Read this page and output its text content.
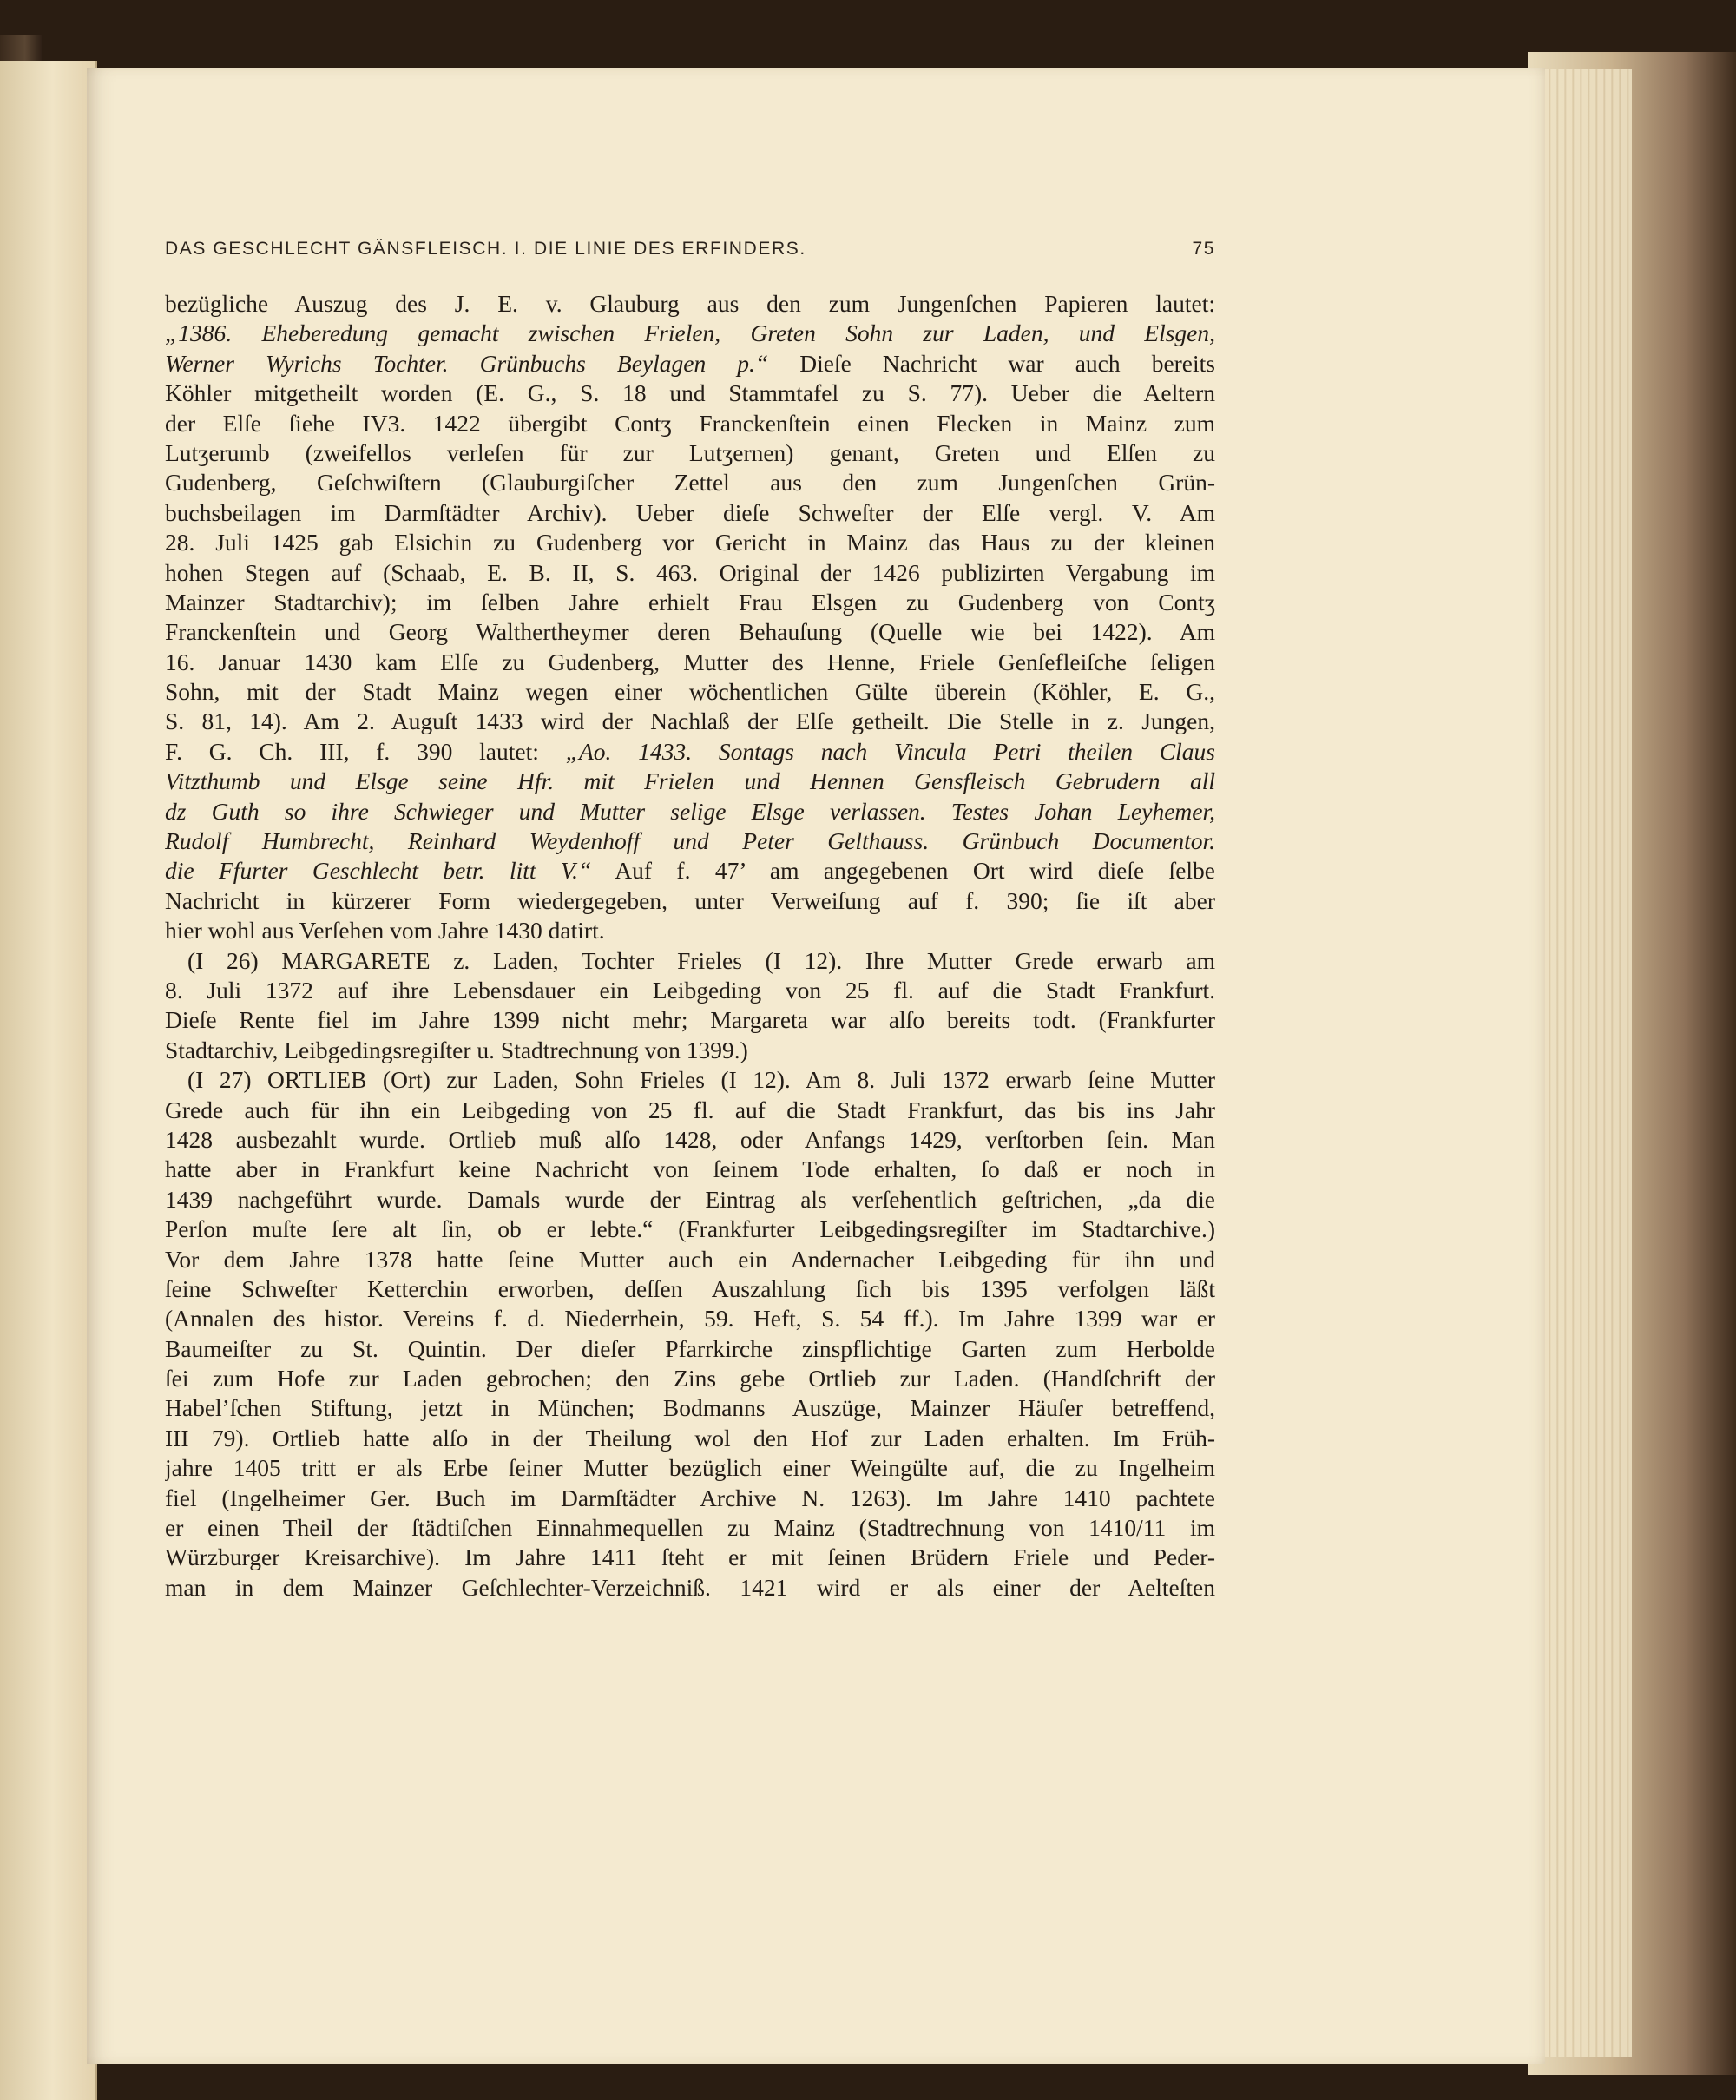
DAS GESCHLECHT GÄNSFLEISCH. I. DIE LINIE DES ERFINDERS.	75
bezügliche Auszug des J. E. v. Glauburg aus den zum Jungenſchen Papieren lautet:
„1386. Eheberedung gemacht zwischen Frielen, Greten Sohn zur Laden, und Elsgen,
Werner Wyrichs Tochter. Grünbuchs Beylagen p.“ Dieſe Nachricht war auch bereits
Köhler mitgetheilt worden (E. G., S. 18 und Stammtafel zu S. 77). Ueber die Aeltern
der Elſe ſiehe IV3. 1422 übergibt Contʒ Franckenſtein einen Flecken in Mainz zum
Lutʒerumb (zweifellos verleſen für zur Lutʒernen) genant, Greten und Elſen zu
Gudenberg, Geſchwiſtern (Glauburgiſcher Zettel aus den zum Jungenſchen Grün-
buchsbeilagen im Darmſtädter Archiv). Ueber dieſe Schweſter der Elſe vergl. V. Am
28. Juli 1425 gab Elsichin zu Gudenberg vor Gericht in Mainz das Haus zu der kleinen
hohen Stegen auf (Schaab, E. B. II, S. 463. Original der 1426 publizirten Vergabung im
Mainzer Stadtarchiv); im ſelben Jahre erhielt Frau Elsgen zu Gudenberg von Contʒ
Franckenſtein und Georg Walthertheymer deren Behauſung (Quelle wie bei 1422). Am
16. Januar 1430 kam Elſe zu Gudenberg, Mutter des Henne, Friele Genſefleiſche ſeligen
Sohn, mit der Stadt Mainz wegen einer wöchentlichen Gülte überein (Köhler, E. G.,
S. 81, 14). Am 2. Auguſt 1433 wird der Nachlaß der Elſe getheilt. Die Stelle in z. Jungen,
F. G. Ch. III, f. 390 lautet: „Ao. 1433. Sontags nach Vincula Petri theilen Claus
Vitzthumb und Elsge seine Hfr. mit Frielen und Hennen Gensfleisch Gebrudern all
dz Guth so ihre Schwieger und Mutter selige Elsge verlassen. Testes Johan Leyhemer,
Rudolf Humbrecht, Reinhard Weydenhoff und Peter Gelthauss. Grünbuch Documentor.
die Ffurter Geschlecht betr. litt V.“ Auf f. 47’ am angegebenen Ort wird dieſe ſelbe
Nachricht in kürzerer Form wiedergegeben, unter Verweiſung auf f. 390; ſie iſt aber
hier wohl aus Verſehen vom Jahre 1430 datirt.
(I 26) MARGARETE z. Laden, Tochter Frieles (I 12). Ihre Mutter Grede erwarb am
8. Juli 1372 auf ihre Lebensdauer ein Leibgeding von 25 fl. auf die Stadt Frankfurt.
Dieſe Rente fiel im Jahre 1399 nicht mehr; Margareta war alſo bereits todt. (Frankfurter
Stadtarchiv, Leibgedingsregiſter u. Stadtrechnung von 1399.)
(I 27) ORTLIEB (Ort) zur Laden, Sohn Frieles (I 12). Am 8. Juli 1372 erwarb ſeine Mutter
Grede auch für ihn ein Leibgeding von 25 fl. auf die Stadt Frankfurt, das bis ins Jahr
1428 ausbezahlt wurde. Ortlieb muß alſo 1428, oder Anfangs 1429, verſtorben ſein. Man
hatte aber in Frankfurt keine Nachricht von ſeinem Tode erhalten, ſo daß er noch in
1439 nachgeführt wurde. Damals wurde der Eintrag als verſehentlich geſtrichen, „da die
Perſon muſte ſere alt ſin, ob er lebte.“ (Frankfurter Leibgedingsregiſter im Stadtarchive.)
Vor dem Jahre 1378 hatte ſeine Mutter auch ein Andernacher Leibgeding für ihn und
ſeine Schweſter Ketterchin erworben, deſſen Auszahlung ſich bis 1395 verfolgen läßt
(Annalen des histor. Vereins f. d. Niederrhein, 59. Heft, S. 54 ff.). Im Jahre 1399 war er
Baumeiſter zu St. Quintin. Der dieſer Pfarrkirche zinspflichtige Garten zum Herbolde
ſei zum Hofe zur Laden gebrochen; den Zins gebe Ortlieb zur Laden. (Handſchrift der
Habel’ſchen Stiftung, jetzt in München; Bodmanns Auszüge, Mainzer Häuſer betreffend,
III 79). Ortlieb hatte alſo in der Theilung wol den Hof zur Laden erhalten. Im Früh-
jahre 1405 tritt er als Erbe ſeiner Mutter bezüglich einer Weingülte auf, die zu Ingelheim
fiel (Ingelheimer Ger. Buch im Darmſtädter Archive N. 1263). Im Jahre 1410 pachtete
er einen Theil der ſtädtiſchen Einnahmequellen zu Mainz (Stadtrechnung von 1410/11 im
Würzburger Kreisarchive). Im Jahre 1411 ſteht er mit ſeinen Brüdern Friele und Peder-
man in dem Mainzer Geſchlechter-Verzeichniß. 1421 wird er als einer der Aelteſten
